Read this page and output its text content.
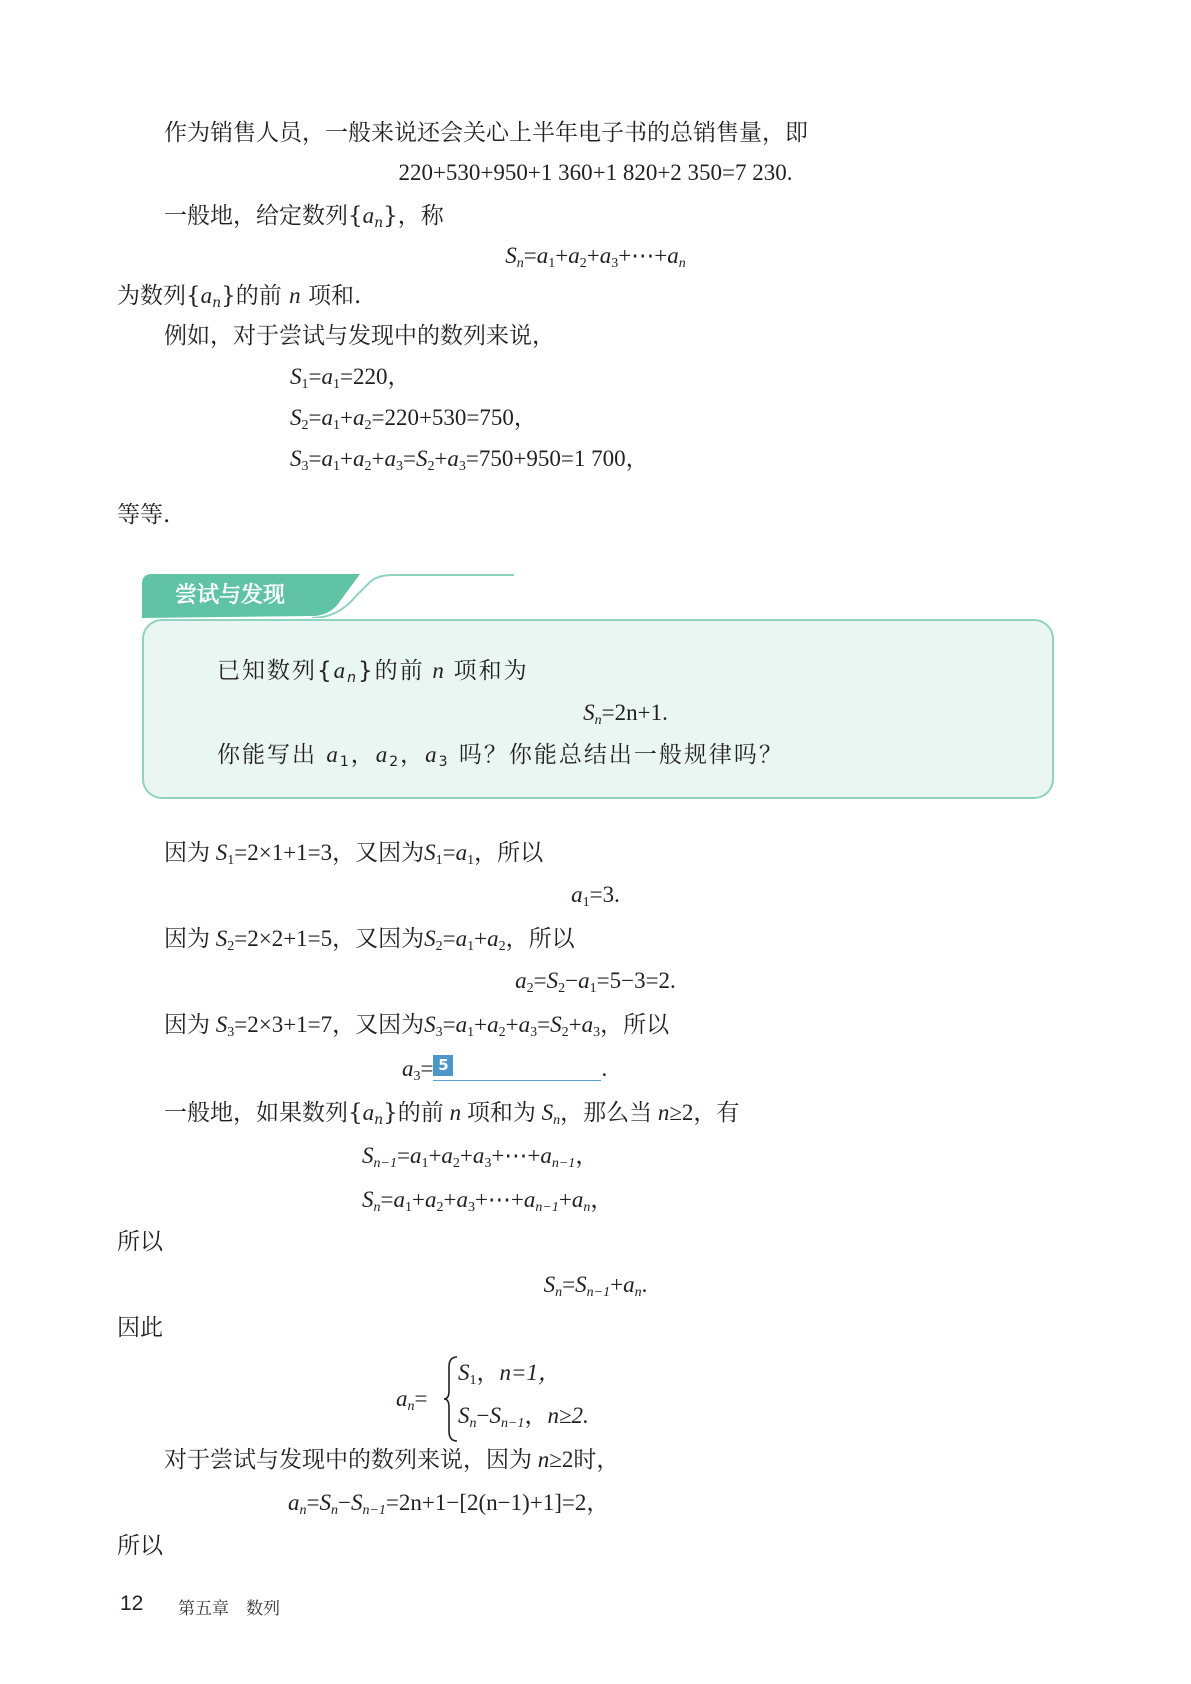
作为销售人员，一般来说还会关心上半年电子书的总销售量，即
220+530+950+1 360+1 820+2 350=7 230.
一般地，给定数列$\{a_n\}$，称
$S_n=a_1+a_2+a_3+\cdots+a_n$
为数列$\{a_n\}$的前 n 项和.
例如，对于尝试与发现中的数列来说，
$S_1=a_1=220$，
$S_2=a_1+a_2=220+530=750$，
$S_3=a_1+a_2+a_3=S_2+a_3=750+950=1$ 700，
等等.
尝试与发现
已知数列$\{a_n\}$的前 n 项和为
$S_n=2n+1$.
你能写出 $a_1$，$a_2$，$a_3$ 吗？你能总结出一般规律吗？
因为 $S_1=2\times 1+1=3$，又因为$S_1=a_1$，所以
$a_1=3$.
因为 $S_2=2\times 2+1=5$，又因为$S_2=a_1+a_2$，所以
$a_2=S_2-a_1=5-3=2$.
因为 $S_3=2\times 3+1=7$，又因为$S_3=a_1+a_2+a_3=S_2+a_3$，所以
$a_3= 5$	.
一般地，如果数列$\{a_n\}$的前 n 项和为 $S_n$，那么当 n≥2，有
$S_{n-1}=a_1+a_2+a_3+\cdots+a_{n-1}$，
$S_n=a_1+a_2+a_3+\cdots+a_{n-1}+a_n$，
所以
$S_n=S_{n-1}+a_n$.
因此
$a_n=$
$S_1$，n=1，
$S_n-S_{n-1}$，n≥2.
对于尝试与发现中的数列来说，因为 n≥2时，
$a_n=S_n-S_{n-1}=2n+1-[2(n-1)+1]=2$，
所以
12 第五章　数列
